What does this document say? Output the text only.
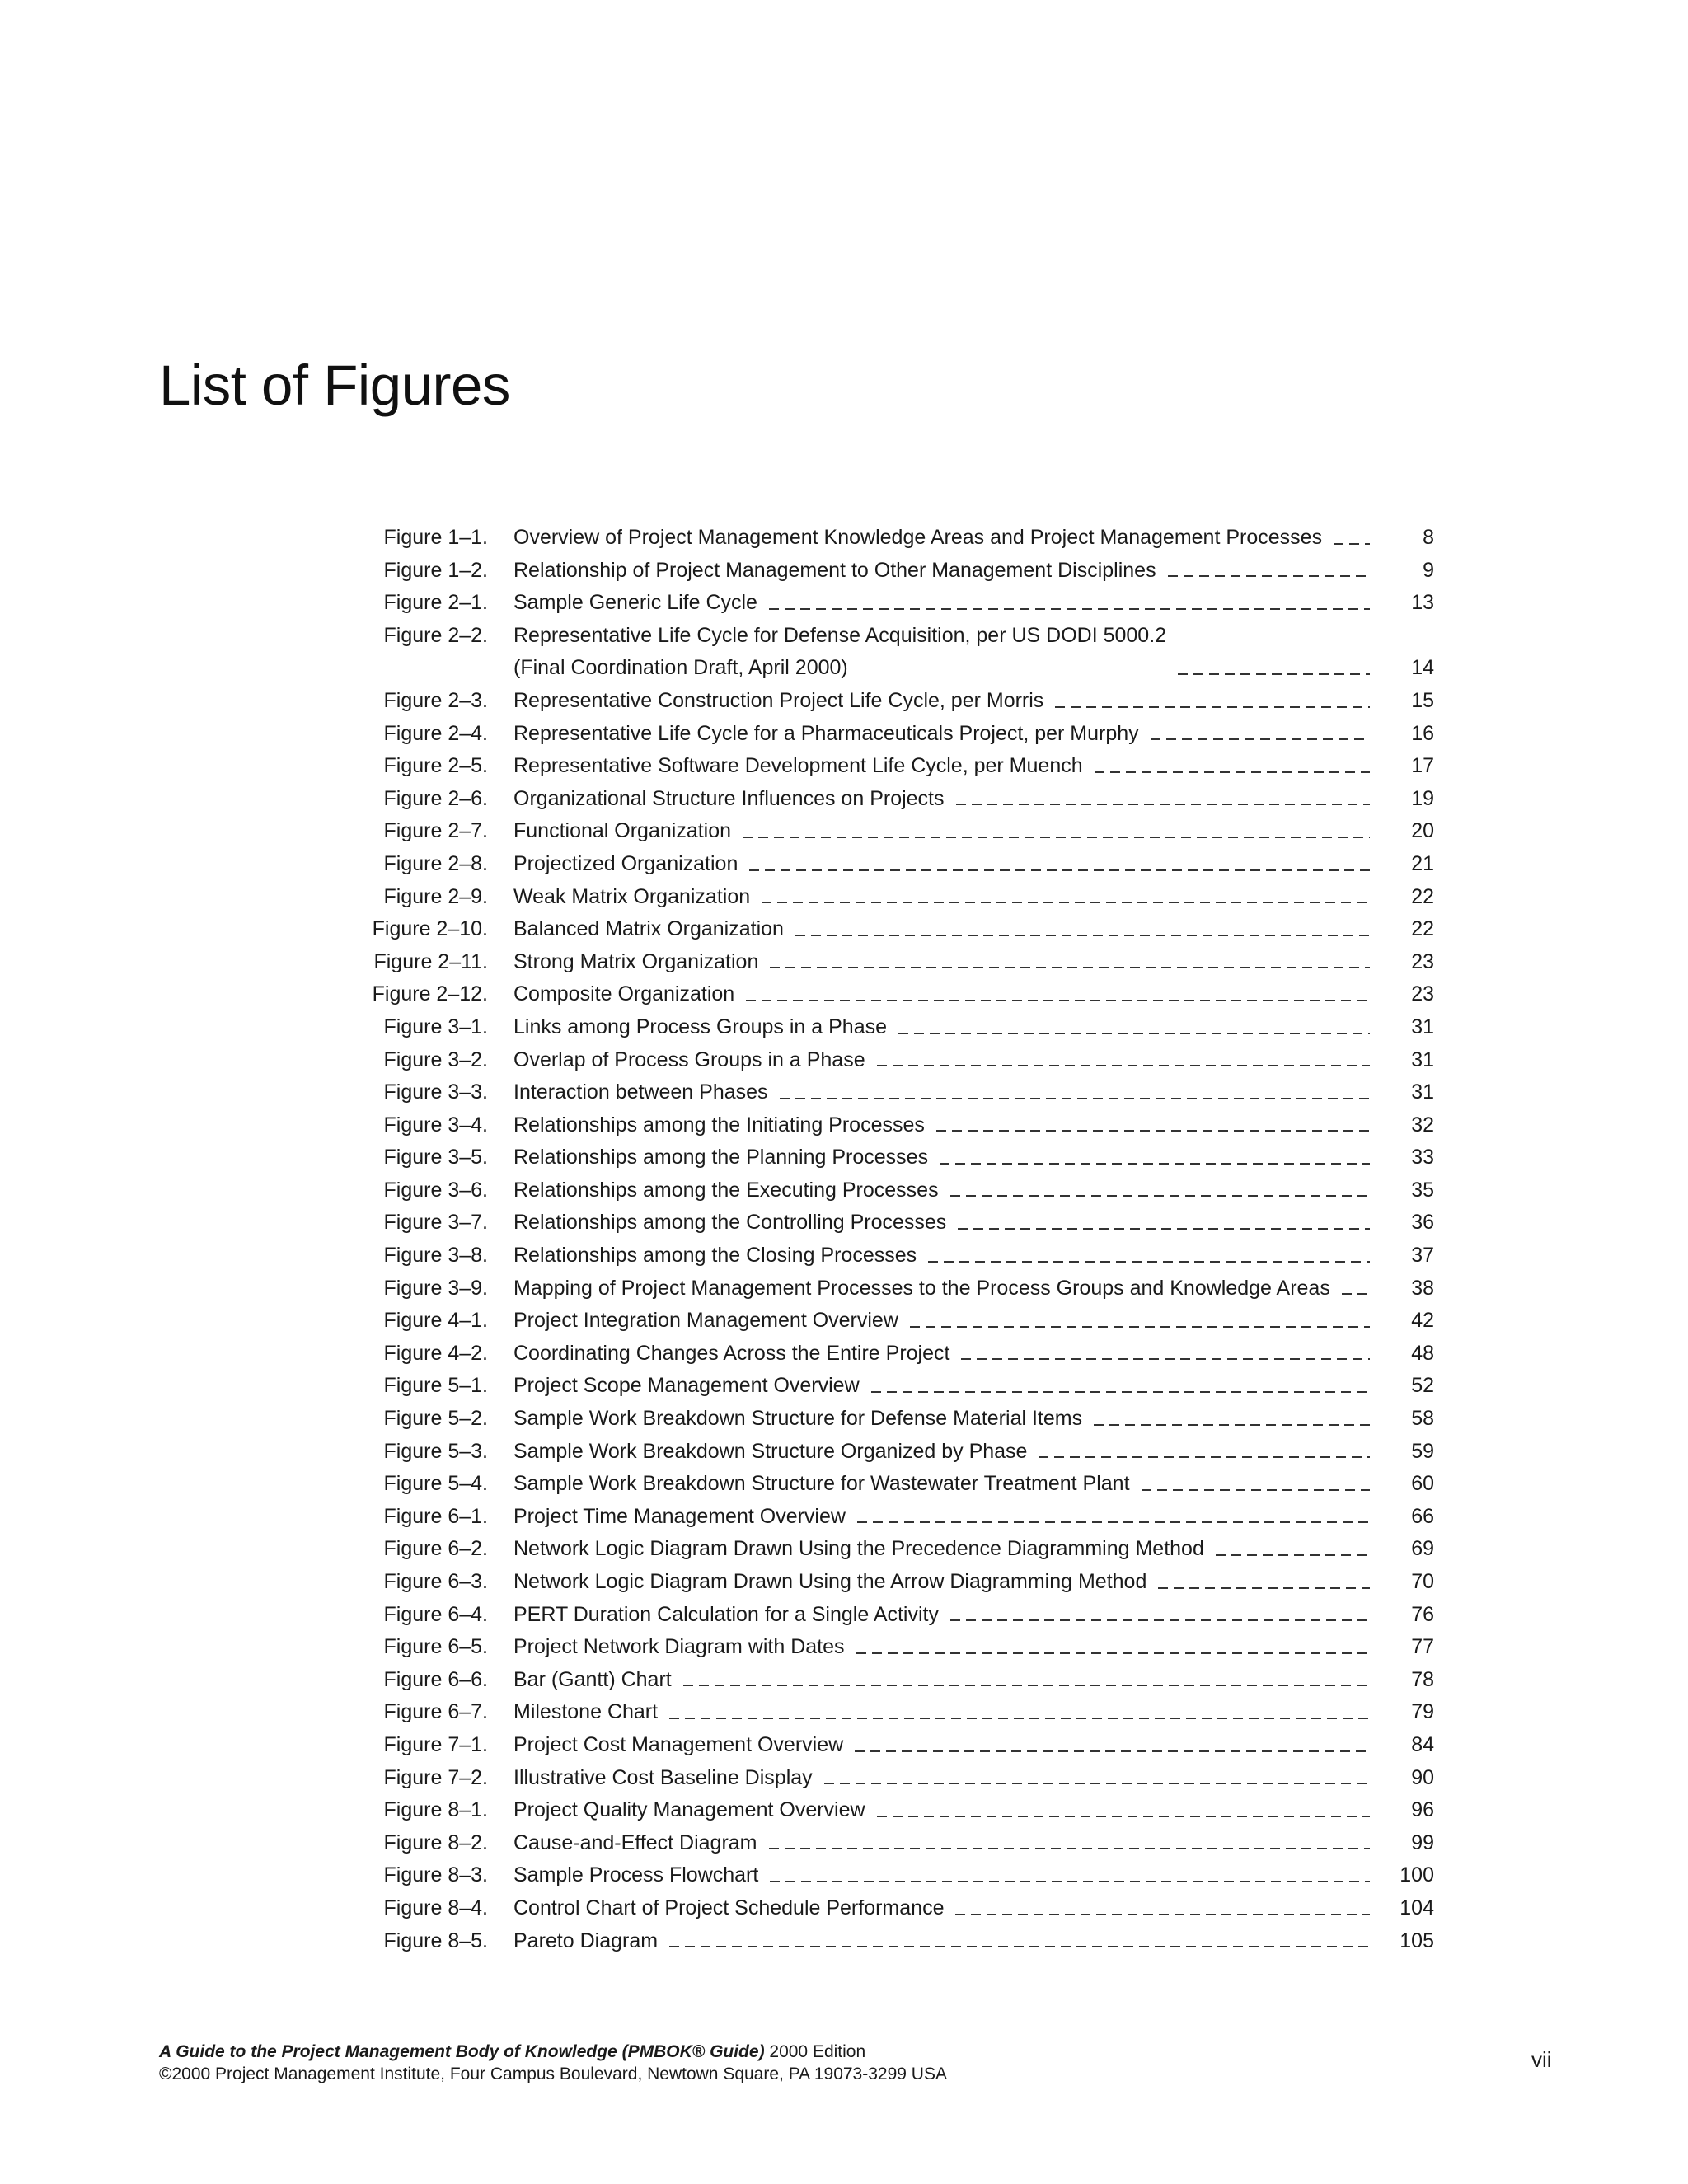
List of Figures
Figure 1–1. Overview of Project Management Knowledge Areas and Project Management Processes	8
Figure 1–2. Relationship of Project Management to Other Management Disciplines	9
Figure 2–1. Sample Generic Life Cycle	13
Figure 2–2. Representative Life Cycle for Defense Acquisition, per US DODI 5000.2
(Final Coordination Draft, April 2000)	14
Figure 2–3. Representative Construction Project Life Cycle, per Morris	15
Figure 2–4. Representative Life Cycle for a Pharmaceuticals Project, per Murphy	16
Figure 2–5. Representative Software Development Life Cycle, per Muench	17
Figure 2–6. Organizational Structure Influences on Projects	19
Figure 2–7. Functional Organization	20
Figure 2–8. Projectized Organization	21
Figure 2–9. Weak Matrix Organization	22
Figure 2–10. Balanced Matrix Organization	22
Figure 2–11. Strong Matrix Organization	23
Figure 2–12. Composite Organization	23
Figure 3–1. Links among Process Groups in a Phase	31
Figure 3–2. Overlap of Process Groups in a Phase	31
Figure 3–3. Interaction between Phases	31
Figure 3–4. Relationships among the Initiating Processes	32
Figure 3–5. Relationships among the Planning Processes	33
Figure 3–6. Relationships among the Executing Processes	35
Figure 3–7. Relationships among the Controlling Processes	36
Figure 3–8. Relationships among the Closing Processes	37
Figure 3–9. Mapping of Project Management Processes to the Process Groups and Knowledge Areas	38
Figure 4–1. Project Integration Management Overview	42
Figure 4–2. Coordinating Changes Across the Entire Project	48
Figure 5–1. Project Scope Management Overview	52
Figure 5–2. Sample Work Breakdown Structure for Defense Material Items	58
Figure 5–3. Sample Work Breakdown Structure Organized by Phase	59
Figure 5–4. Sample Work Breakdown Structure for Wastewater Treatment Plant	60
Figure 6–1. Project Time Management Overview	66
Figure 6–2. Network Logic Diagram Drawn Using the Precedence Diagramming Method	69
Figure 6–3. Network Logic Diagram Drawn Using the Arrow Diagramming Method	70
Figure 6–4. PERT Duration Calculation for a Single Activity	76
Figure 6–5. Project Network Diagram with Dates	77
Figure 6–6. Bar (Gantt) Chart	78
Figure 6–7. Milestone Chart	79
Figure 7–1. Project Cost Management Overview	84
Figure 7–2. Illustrative Cost Baseline Display	90
Figure 8–1. Project Quality Management Overview	96
Figure 8–2. Cause-and-Effect Diagram	99
Figure 8–3. Sample Process Flowchart	100
Figure 8–4. Control Chart of Project Schedule Performance	104
Figure 8–5. Pareto Diagram	105
A Guide to the Project Management Body of Knowledge (PMBOK® Guide) 2000 Edition
©2000 Project Management Institute, Four Campus Boulevard, Newtown Square, PA 19073-3299 USA
vii
